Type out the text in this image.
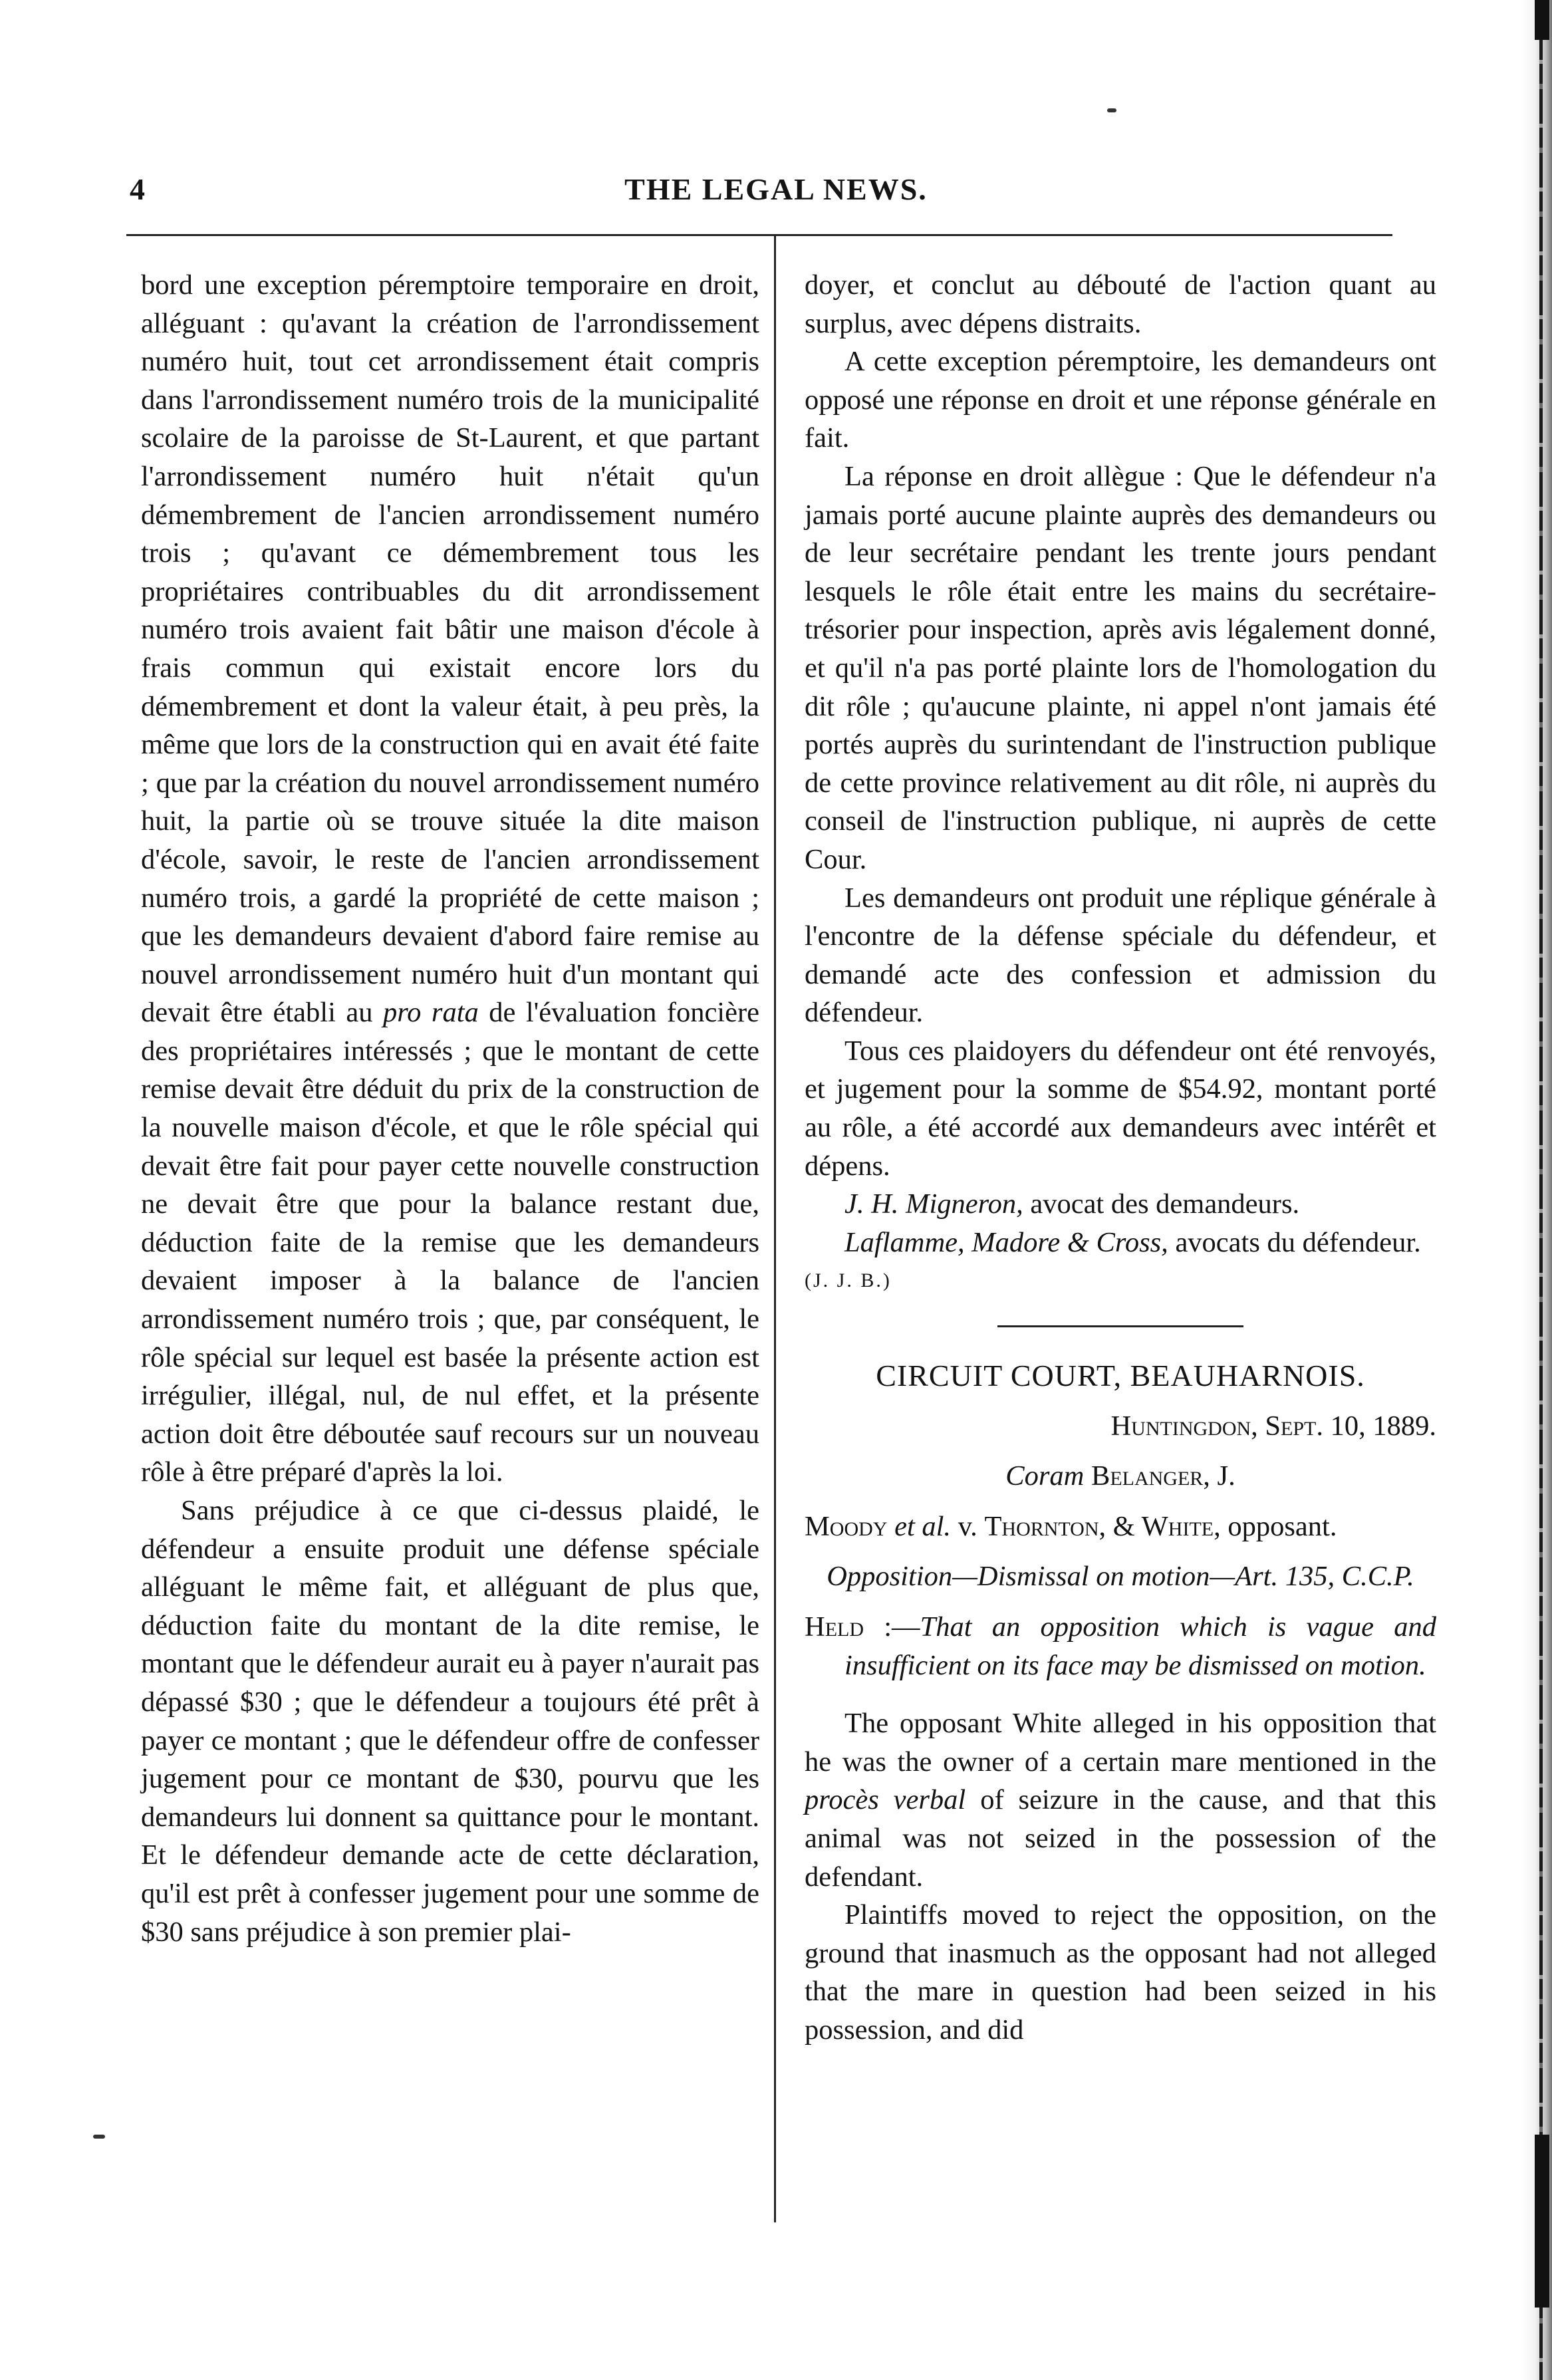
4	THE LEGAL NEWS.

bord une exception péremptoire temporaire en droit, alléguant : qu'avant la création de l'arrondissement numéro huit, tout cet arrondissement était compris dans l'arrondissement numéro trois de la municipalité scolaire de la paroisse de St-Laurent, et que partant l'arrondissement numéro huit n'était qu'un démembrement de l'ancien arrondissement numéro trois ; qu'avant ce démembrement tous les propriétaires contribuables du dit arrondissement numéro trois avaient fait bâtir une maison d'école à frais commun qui existait encore lors du démembrement et dont la valeur était, à peu près, la même que lors de la construction qui en avait été faite ; que par la création du nouvel arrondissement numéro huit, la partie où se trouve située la dite maison d'école, savoir, le reste de l'ancien arrondissement numéro trois, a gardé la propriété de cette maison ; que les demandeurs devaient d'abord faire remise au nouvel arrondissement numéro huit d'un montant qui devait être établi au pro rata de l'évaluation foncière des propriétaires intéressés ; que le montant de cette remise devait être déduit du prix de la construction de la nouvelle maison d'école, et que le rôle spécial qui devait être fait pour payer cette nouvelle construction ne devait être que pour la balance restant due, déduction faite de la remise que les demandeurs devaient imposer à la balance de l'ancien arrondissement numéro trois ; que, par conséquent, le rôle spécial sur lequel est basée la présente action est irrégulier, illégal, nul, de nul effet, et la présente action doit être déboutée sauf recours sur un nouveau rôle à être préparé d'après la loi.

Sans préjudice à ce que ci-dessus plaidé, le défendeur a ensuite produit une défense spéciale alléguant le même fait, et alléguant de plus que, déduction faite du montant de la dite remise, le montant que le défendeur aurait eu à payer n'aurait pas dépassé $30 ; que le défendeur a toujours été prêt à payer ce montant ; que le défendeur offre de confesser jugement pour ce montant de $30, pourvu que les demandeurs lui donnent sa quittance pour le montant. Et le défendeur demande acte de cette déclaration, qu'il est prêt à confesser jugement pour une somme de $30 sans préjudice à son premier plai-

doyer, et conclut au débouté de l'action quant au surplus, avec dépens distraits.

A cette exception péremptoire, les demandeurs ont opposé une réponse en droit et une réponse générale en fait.

La réponse en droit allègue : Que le défendeur n'a jamais porté aucune plainte auprès des demandeurs ou de leur secrétaire pendant les trente jours pendant lesquels le rôle était entre les mains du secrétaire-trésorier pour inspection, après avis légalement donné, et qu'il n'a pas porté plainte lors de l'homologation du dit rôle ; qu'aucune plainte, ni appel n'ont jamais été portés auprès du surintendant de l'instruction publique de cette province relativement au dit rôle, ni auprès du conseil de l'instruction publique, ni auprès de cette Cour.

Les demandeurs ont produit une réplique générale à l'encontre de la défense spéciale du défendeur, et demandé acte des confession et admission du défendeur.

Tous ces plaidoyers du défendeur ont été renvoyés, et jugement pour la somme de $54.92, montant porté au rôle, a été accordé aux demandeurs avec intérêt et dépens.

J. H. Migneron, avocat des demandeurs.

Laflamme, Madore & Cross, avocats du défendeur.

(J. J. B.)

CIRCUIT COURT, BEAUHARNOIS.

Huntingdon, Sept. 10, 1889.

Coram Belanger, J.

Moody et al. v. Thornton, & White, opposant.

Opposition—Dismissal on motion—Art. 135, C.C.P.

Held :—That an opposition which is vague and insufficient on its face may be dismissed on motion.

The opposant White alleged in his opposition that he was the owner of a certain mare mentioned in the procès verbal of seizure in the cause, and that this animal was not seized in the possession of the defendant.

Plaintiffs moved to reject the opposition, on the ground that inasmuch as the opposant had not alleged that the mare in question had been seized in his possession, and did
